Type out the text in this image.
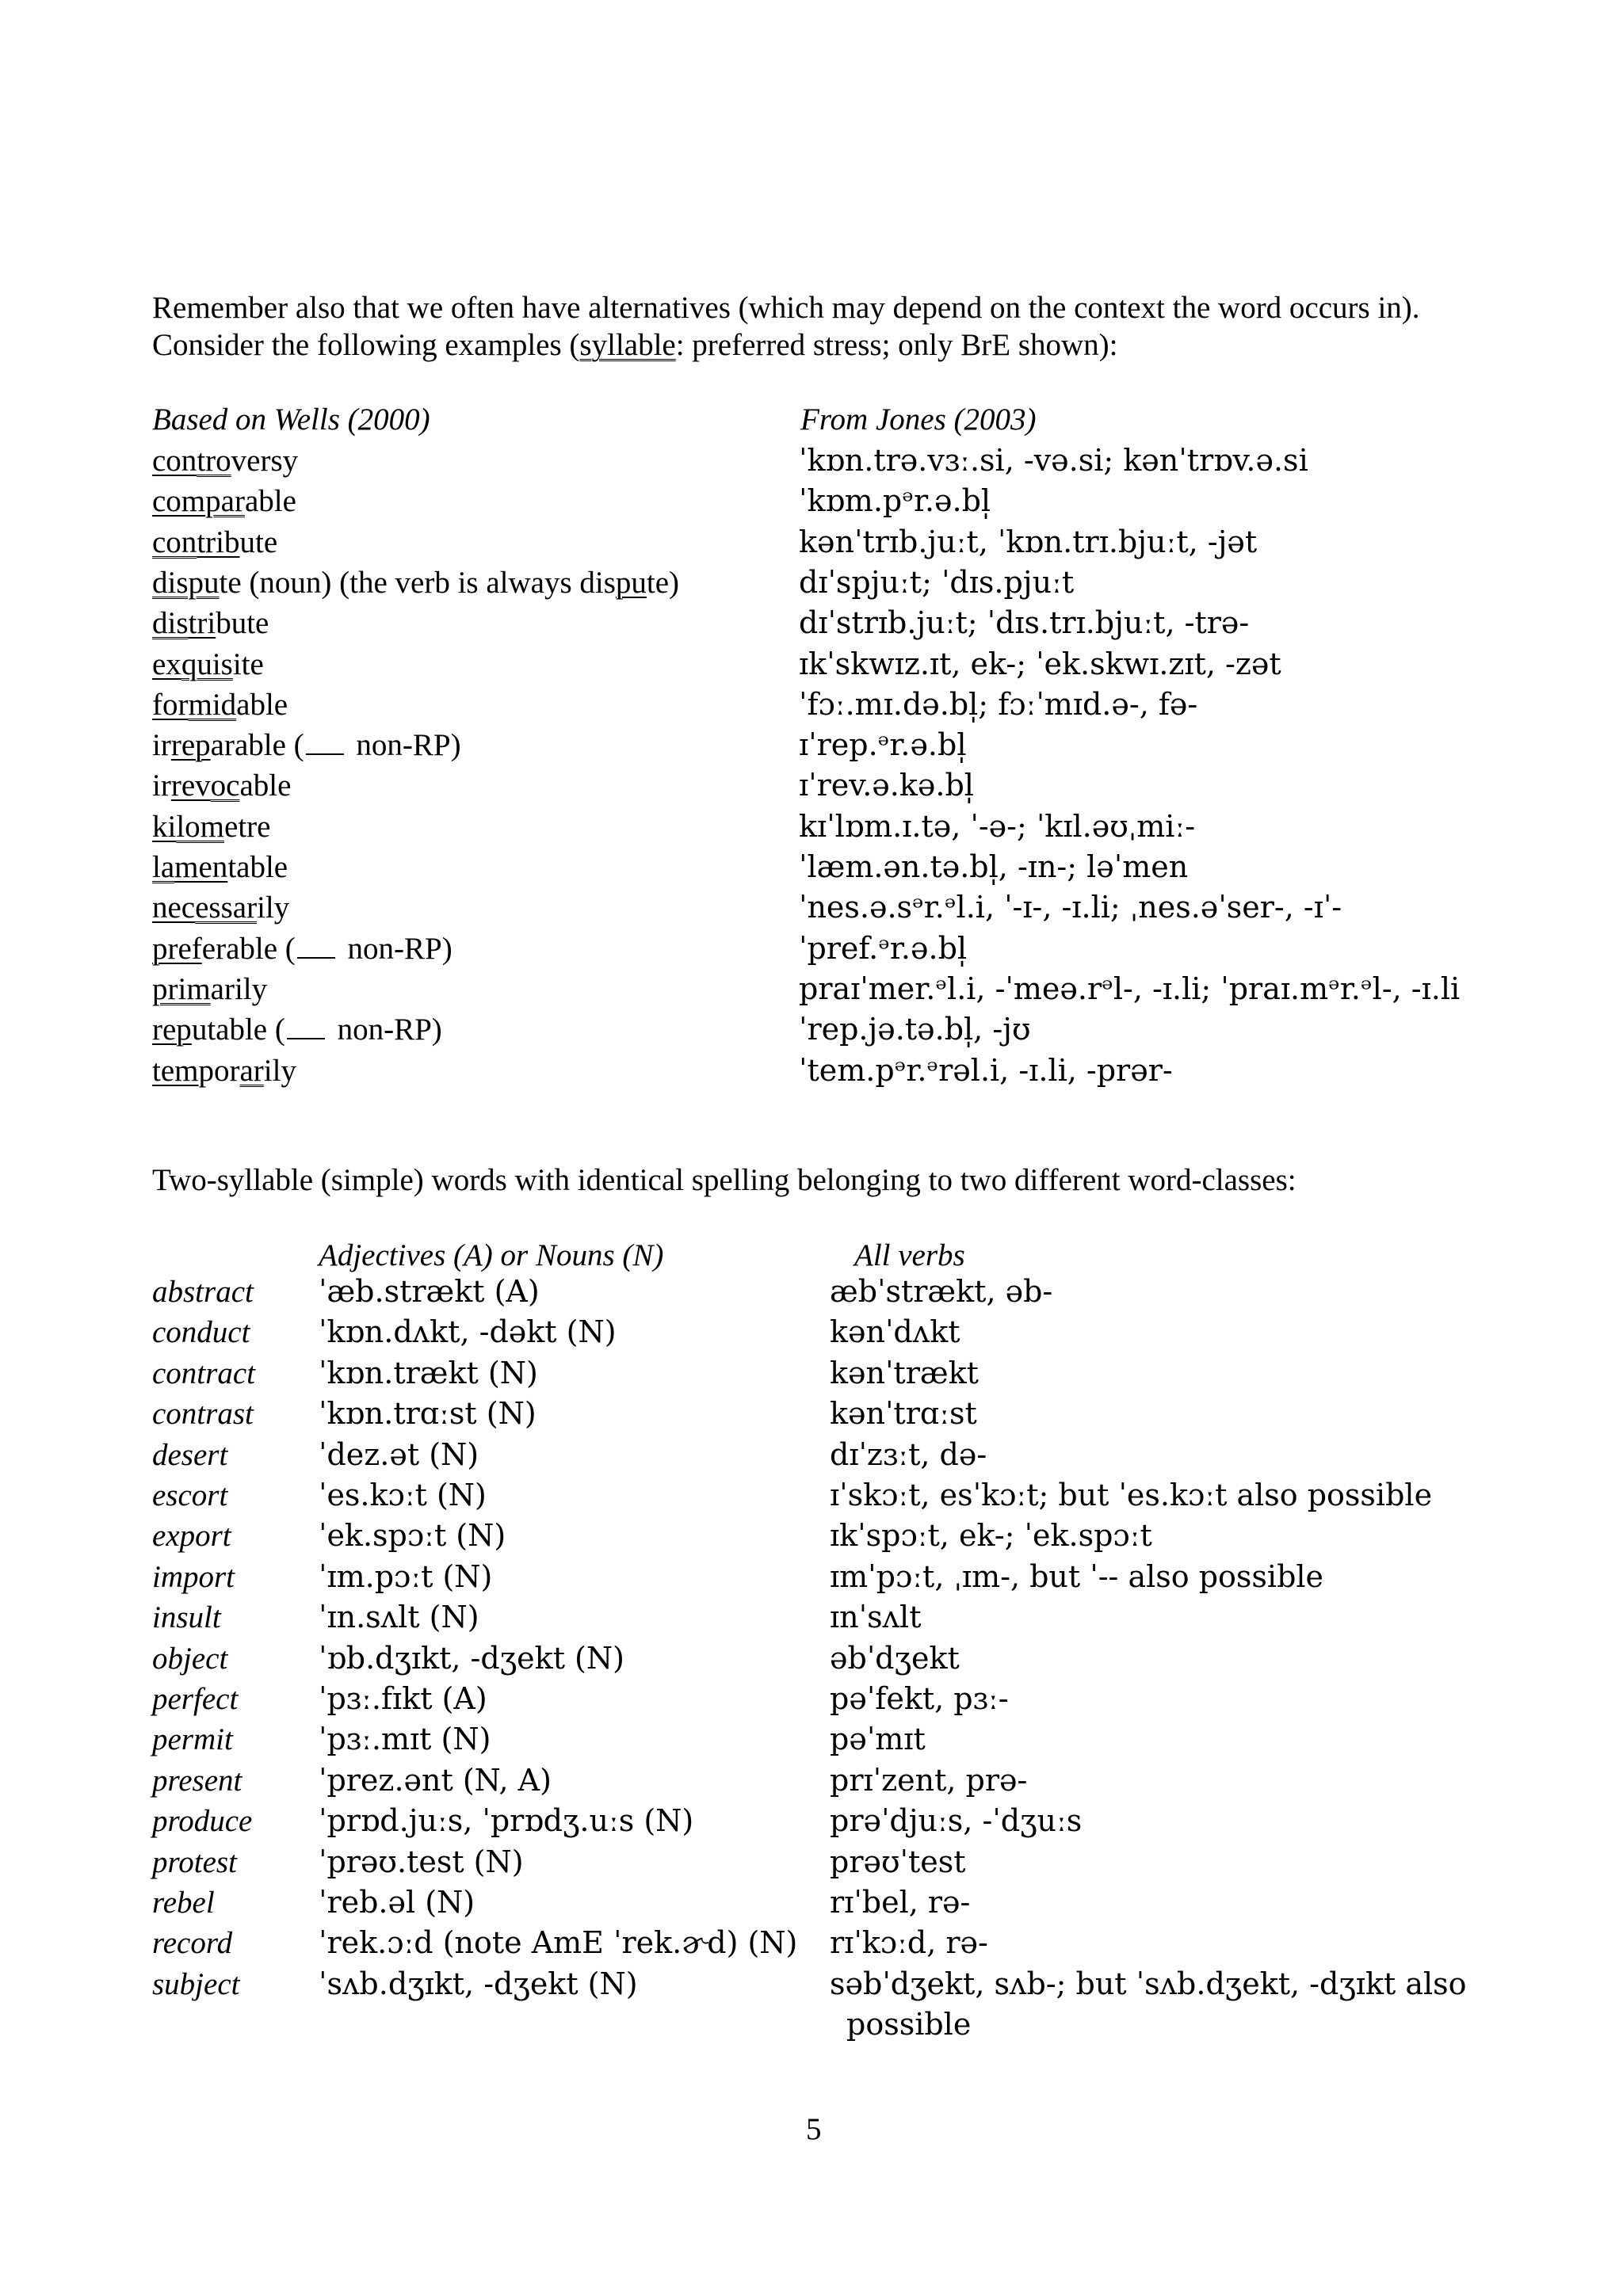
Remember also that we often have alternatives (which may depend on the context the word occurs in).
Consider the following examples (syllable: preferred stress; only BrE shown):
Based on Wells (2000)	From Jones (2003)
controversy	ˈkɒn.trə.vɜː.si, -və.si; kənˈtrɒv.ə.si
comparable	ˈkɒm.pᵊr.ə.bl̩
contribute	kənˈtrɪb.juːt, ˈkɒn.trɪ.bjuːt, -jət
dispute (noun) (the verb is always dispute)	dɪˈspjuːt; ˈdɪs.pjuːt
distribute	dɪˈstrɪb.juːt; ˈdɪs.trɪ.bjuːt, -trə-
exquisite	ɪkˈskwɪz.ɪt, ek-; ˈek.skwɪ.zɪt, -zət
formidable	ˈfɔː.mɪ.də.bl̩; fɔːˈmɪd.ə-, fə-
irreparable ( non-RP)	ɪˈrep.ᵊr.ə.bl̩
irrevocable	ɪˈrev.ə.kə.bl̩
kilometre	kɪˈlɒm.ɪ.tə, ˈ-ə-; ˈkɪl.əʊˌmiː-
lamentable	ˈlæm.ən.tə.bl̩, -ɪn-; ləˈmen
necessarily	ˈnes.ə.sᵊr.ᵊl.i, ˈ-ɪ-, -ɪ.li; ˌnes.əˈser-, -ɪˈ-
preferable ( non-RP)	ˈpref.ᵊr.ə.bl̩
primarily	praɪˈmer.ᵊl.i, -ˈmeə.rᵊl-, -ɪ.li; ˈpraɪ.mᵊr.ᵊl-, -ɪ.li
reputable ( non-RP)	ˈrep.jə.tə.bl̩, -jʊ
temporarily	ˈtem.pᵊr.ᵊrəl.i, -ɪ.li, -prər-
Two-syllable (simple) words with identical spelling belonging to two different word-classes:
Adjectives (A) or Nouns (N)	All verbs
abstract ˈæb.strækt (A)	æbˈstrækt, əb-
conduct ˈkɒn.dʌkt, -dəkt (N)	kənˈdʌkt
contract ˈkɒn.trækt (N)	kənˈtrækt
contrast ˈkɒn.trɑːst (N)	kənˈtrɑːst
desert	ˈdez.ət (N)	dɪˈzɜːt, də-
escort	ˈes.kɔːt (N)	ɪˈskɔːt, esˈkɔːt; but ˈes.kɔːt also possible
export	ˈek.spɔːt (N)	ɪkˈspɔːt, ek-; ˈek.spɔːt
import	ˈɪm.pɔːt (N)	ɪmˈpɔːt, ˌɪm-, but ˈ-- also possible
insult	ˈɪn.sʌlt (N)	ɪnˈsʌlt
object	ˈɒb.dʒɪkt, -dʒekt (N)	əbˈdʒekt
perfect	ˈpɜː.fɪkt (A)	pəˈfekt, pɜː-
permit	ˈpɜː.mɪt (N)	pəˈmɪt
present	ˈprez.ənt (N, A)	prɪˈzent, prə-
produce ˈprɒd.juːs, ˈprɒdʒ.uːs (N)	prəˈdjuːs, -ˈdʒuːs
protest	ˈprəʊ.test (N)	prəʊˈtest
rebel	ˈreb.əl (N)	rɪˈbel, rə-
record	ˈrek.ɔːd (note AmE ˈrek.ɚd) (N) rɪˈkɔːd, rə-
subject	ˈsʌb.dʒɪkt, -dʒekt (N)	səbˈdʒekt, sʌb-; but ˈsʌb.dʒekt, -dʒɪkt also
possible
5
